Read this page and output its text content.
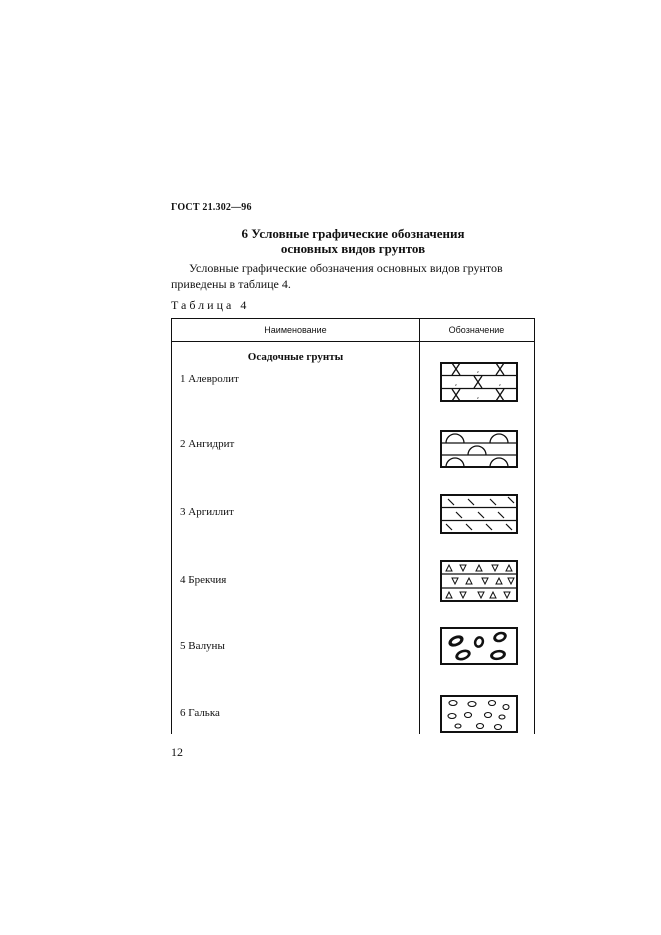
ГОСТ 21.302—96
6 Условные графические обозначения
основных видов грунтов
Условные графические обозначения основных видов грунтов
приведены в таблице 4.
Таблица 4
Наименование	Обозначение
Осадочные грунты
1 Алевролит
,
,	,
,
2 Ангидрит
3 Аргиллит
4 Брекчия
5 Валуны
6 Галька
12
